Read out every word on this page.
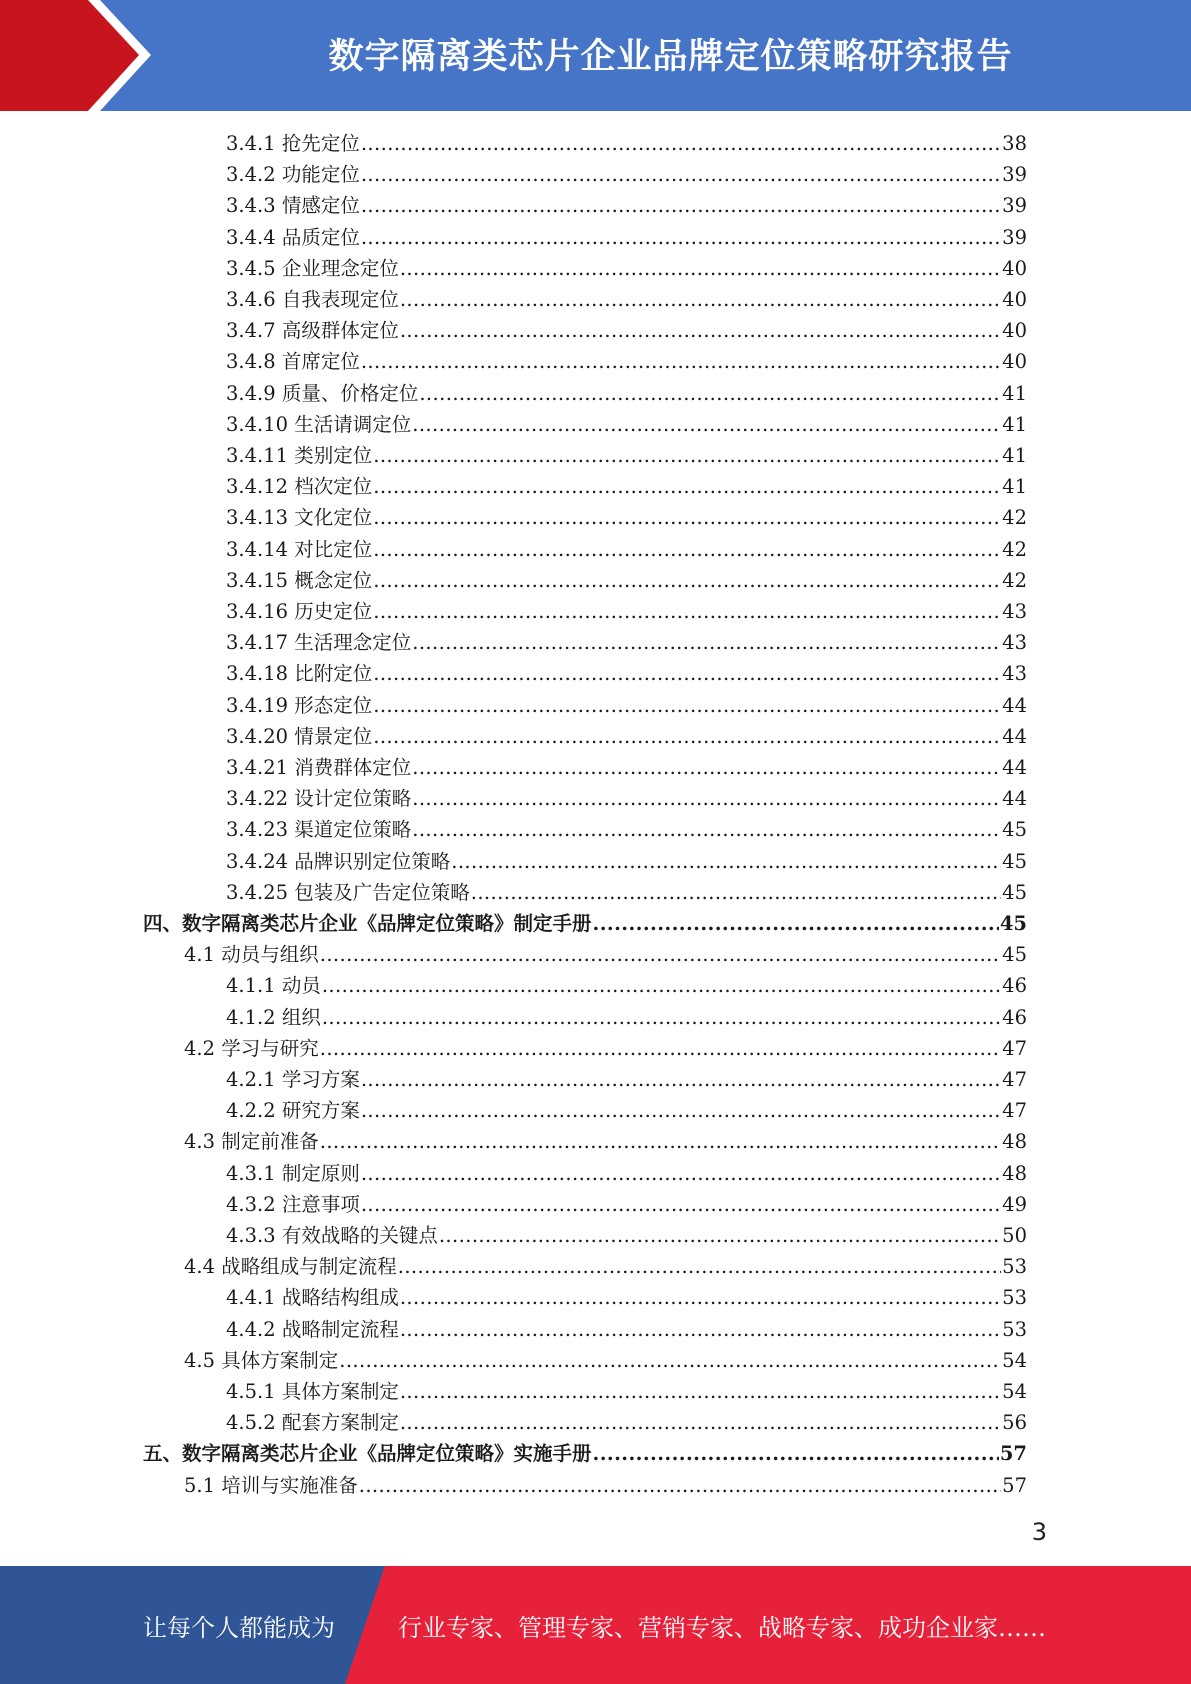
数字隔离类芯片企业品牌定位策略研究报告
3.4.1 抢先定位 .....	38
3.4.2 功能定位 .....	39
3.4.3 情感定位 .....	39
3.4.4 品质定位 .....	39
3.4.5 企业理念定位 .....	40
3.4.6 自我表现定位 .....	40
3.4.7 高级群体定位 .....	40
3.4.8 首席定位 .....	40
3.4.9 质量、价格定位 .....	41
3.4.10 生活请调定位 .....	41
3.4.11 类别定位 .....	41
3.4.12 档次定位 .....	41
3.4.13 文化定位 .....	42
3.4.14 对比定位 .....	42
3.4.15 概念定位 .....	42
3.4.16 历史定位 .....	43
3.4.17 生活理念定位 .....	43
3.4.18 比附定位 .....	43
3.4.19 形态定位 .....	44
3.4.20 情景定位 .....	44
3.4.21 消费群体定位 .....	44
3.4.22 设计定位策略 .....	44
3.4.23 渠道定位策略 .....	45
3.4.24 品牌识别定位策略 .....	45
3.4.25 包装及广告定位策略 .....	45
四、数字隔离类芯片企业《品牌定位策略》制定手册 .....	45
4.1 动员与组织 .....	45
4.1.1 动员 .....	46
4.1.2 组织 .....	46
4.2 学习与研究 .....	47
4.2.1 学习方案 .....	47
4.2.2 研究方案 .....	47
4.3 制定前准备 .....	48
4.3.1 制定原则 .....	48
4.3.2 注意事项 .....	49
4.3.3 有效战略的关键点 .....	50
4.4 战略组成与制定流程 .....	53
4.4.1 战略结构组成 .....	53
4.4.2 战略制定流程 .....	53
4.5 具体方案制定 .....	54
4.5.1 具体方案制定 .....	54
4.5.2 配套方案制定 .....	56
五、数字隔离类芯片企业《品牌定位策略》实施手册 .....	57
5.1 培训与实施准备 .....	57
3
让每个人都能成为	行业专家、管理专家、营销专家、战略专家、成功企业家……
